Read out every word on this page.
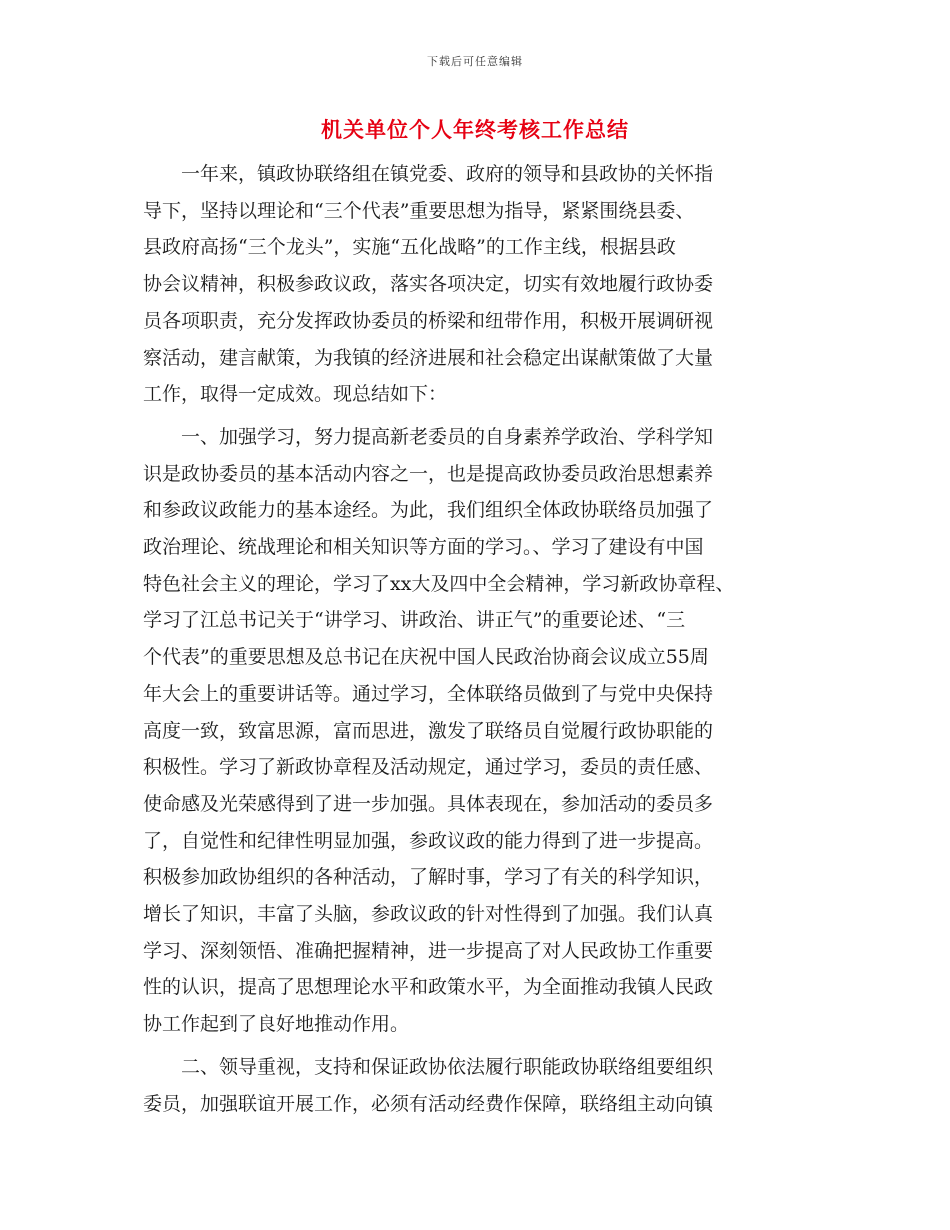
下载后可任意编辑
机关单位个人年终考核工作总结
一年来，镇政协联络组在镇党委、政府的领导和县政协的关怀指
导下，坚持以理论和“三个代表”重要思想为指导，紧紧围绕县委、
县政府高扬“三个龙头”，实施“五化战略”的工作主线，根据县政
协会议精神，积极参政议政，落实各项决定，切实有效地履行政协委
员各项职责，充分发挥政协委员的桥梁和纽带作用，积极开展调研视
察活动，建言献策，为我镇的经济进展和社会稳定出谋献策做了大量
工作，取得一定成效。现总结如下：
一、加强学习，努力提高新老委员的自身素养学政治、学科学知
识是政协委员的基本活动内容之一，也是提高政协委员政治思想素养
和参政议政能力的基本途经。为此，我们组织全体政协联络员加强了
政治理论、统战理论和相关知识等方面的学习。、学习了建设有中国
特色社会主义的理论，学习了xx大及四中全会精神，学习新政协章程、
学习了江总书记关于“讲学习、讲政治、讲正气”的重要论述、“三
个代表”的重要思想及总书记在庆祝中国人民政治协商会议成立55周
年大会上的重要讲话等。通过学习，全体联络员做到了与党中央保持
高度一致，致富思源，富而思进，激发了联络员自觉履行政协职能的
积极性。学习了新政协章程及活动规定，通过学习，委员的责任感、
使命感及光荣感得到了进一步加强。具体表现在，参加活动的委员多
了，自觉性和纪律性明显加强，参政议政的能力得到了进一步提高。
积极参加政协组织的各种活动，了解时事，学习了有关的科学知识，
增长了知识，丰富了头脑，参政议政的针对性得到了加强。我们认真
学习、深刻领悟、准确把握精神，进一步提高了对人民政协工作重要
性的认识，提高了思想理论水平和政策水平，为全面推动我镇人民政
协工作起到了良好地推动作用。
二、领导重视，支持和保证政协依法履行职能政协联络组要组织
委员，加强联谊开展工作，必须有活动经费作保障，联络组主动向镇
